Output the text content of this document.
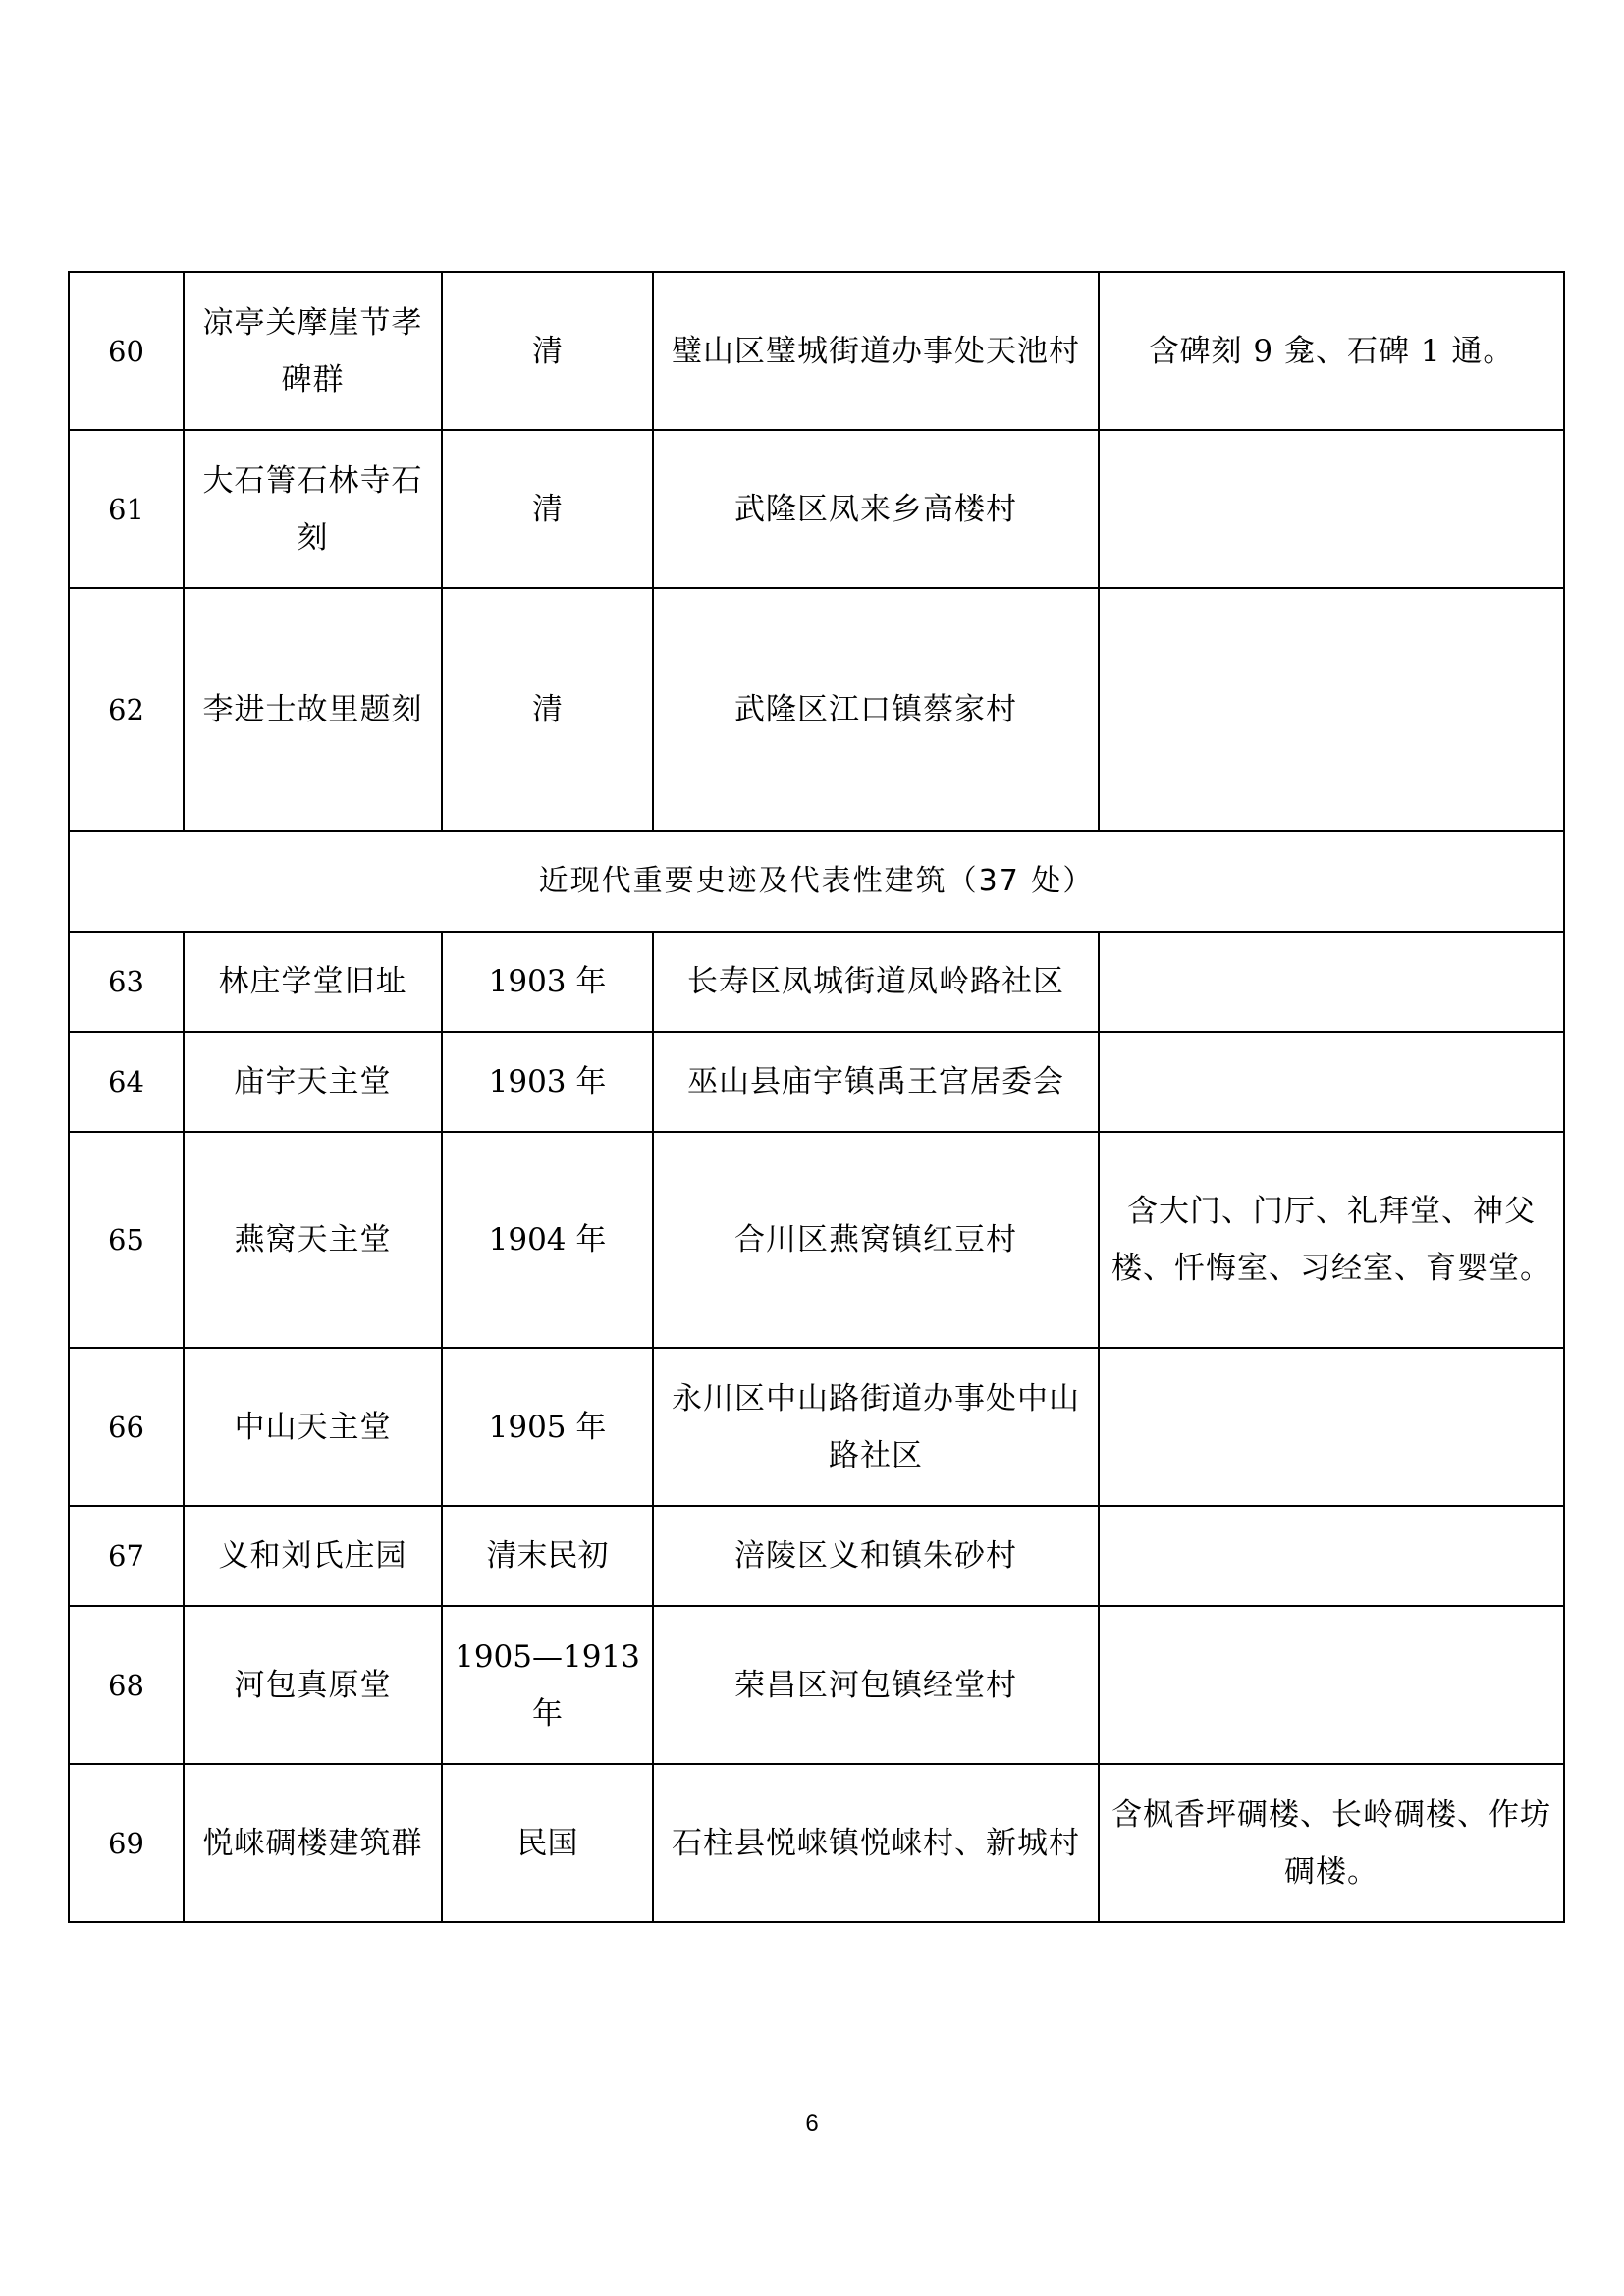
60	凉亭关摩崖节孝碑群	清	璧山区璧城街道办事处天池村	含碑刻 9 龛、石碑 1 通。
61	大石箐石林寺石刻	清	武隆区凤来乡高楼村	
62	李进士故里题刻	清	武隆区江口镇蔡家村	
近现代重要史迹及代表性建筑（37 处）				
63	林庄学堂旧址	1903 年	长寿区凤城街道凤岭路社区	
64	庙宇天主堂	1903 年	巫山县庙宇镇禹王宫居委会	
65	燕窝天主堂	1904 年	合川区燕窝镇红豆村	含大门、门厅、礼拜堂、神父楼、忏悔室、习经室、育婴堂。
66	中山天主堂	1905 年	永川区中山路街道办事处中山路社区	
67	义和刘氏庄园	清末民初	涪陵区义和镇朱砂村	
68	河包真原堂	1905—1913 年	荣昌区河包镇经堂村	
69	悦崃碉楼建筑群	民国	石柱县悦崃镇悦崃村、新城村	含枫香坪碉楼、长岭碉楼、作坊碉楼。
6
